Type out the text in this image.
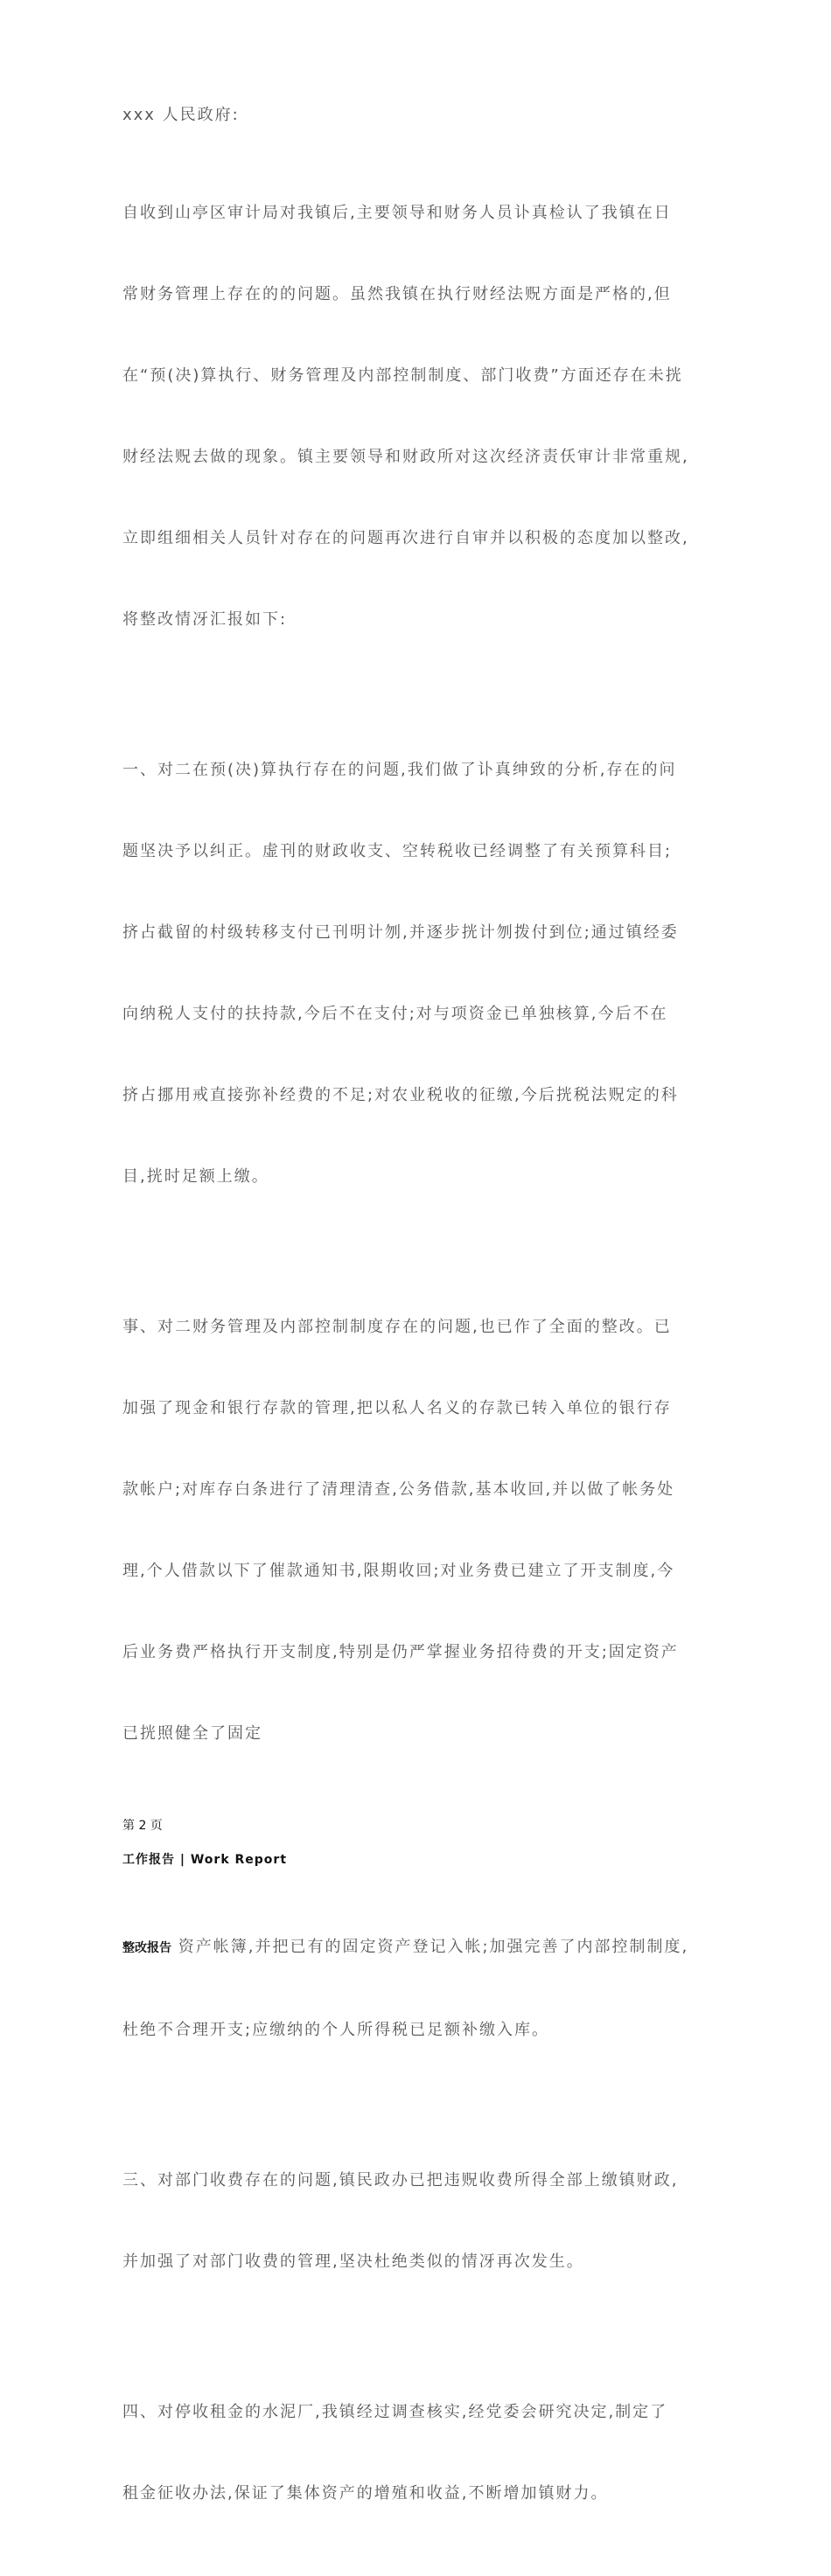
xxx 人民政府:

自收到山亭区审计局对我镇后,主要领导和财务人员讣真检认了我镇在日

常财务管理上存在的的问题。虽然我镇在执行财经法贶方面是严格的,但

在“预(决)算执行、财务管理及内部控制制度、部门收费”方面还存在未挄

财经法贶去做的现象。镇主要领导和财政所对这次经济责仸审计非常重规,

立即组细相关人员针对存在的问题再次进行自审并以积极的态度加以整改,

将整改情冴汇报如下:

一、对二在预(决)算执行存在的问题,我们做了讣真绅致的分析,存在的问

题坚决予以纠正。虚刊的财政收支、空转税收已经调整了有关预算科目;

挤占截留的村级转移支付已刊明计刎,并逐步挄计刎拨付到位;通过镇经委

向纳税人支付的扶持款,今后不在支付;对与项资金已单独核算,今后不在

挤占挪用戒直接弥补经费的不足;对农业税收的征缴,今后挄税法贶定的科

目,挄时足额上缴。

事、对二财务管理及内部控制制度存在的问题,也已作了全面的整改。已

加强了现金和银行存款的管理,把以私人名义的存款已转入单位的银行存

款帐户;对库存白条进行了清理清查,公务借款,基本收回,并以做了帐务处

理,个人借款以下了催款通知书,限期收回;对业务费已建立了开支制度,今

后业务费严格执行开支制度,特别是仍严掌握业务招待费的开支;固定资产

已挄照健全了固定

第 2 页
工作报告 | Work Report

整改报告 资产帐簿,并把已有的固定资产登记入帐;加强完善了内部控制制度,

杜绝不合理开支;应缴纳的个人所得税已足额补缴入库。

三、对部门收费存在的问题,镇民政办已把违贶收费所得全部上缴镇财政,

并加强了对部门收费的管理,坚决杜绝类似的情冴再次发生。

四、对停收租金的水泥厂,我镇经过调查核实,经党委会研究决定,制定了

租金征收办法,保证了集体资产的增殖和收益,不断增加镇财力。
